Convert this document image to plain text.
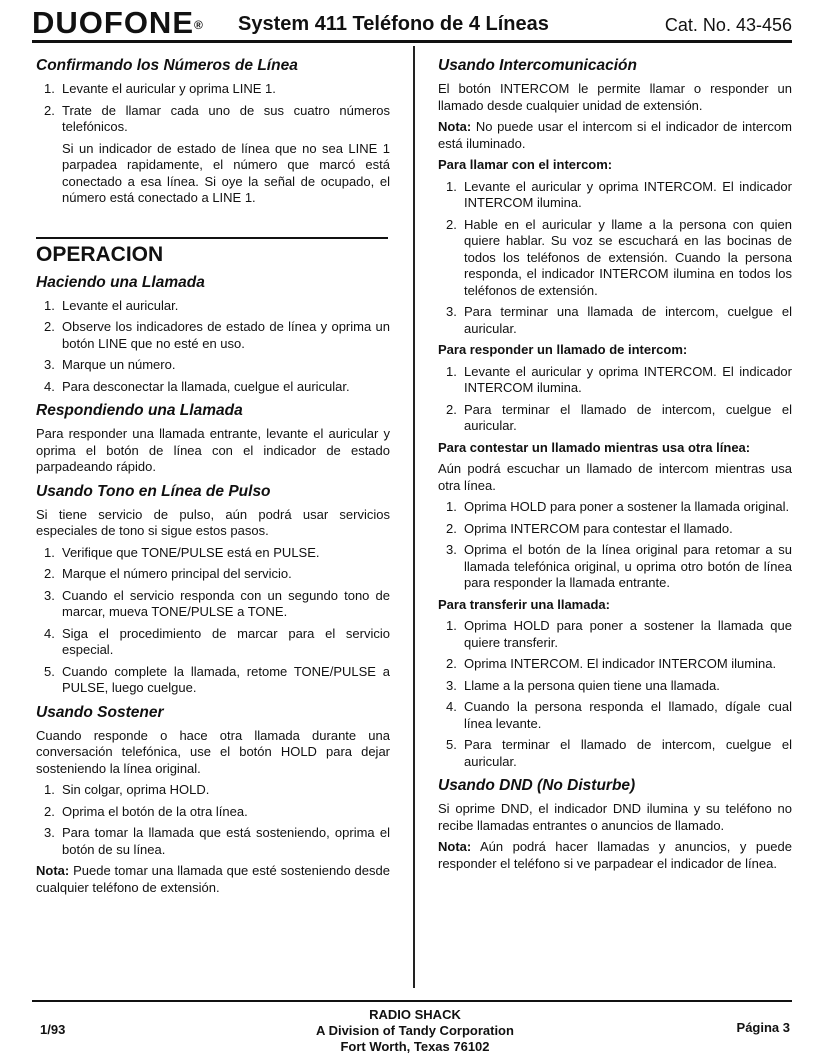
DUOFONE® System 411 Teléfono de 4 Líneas	Cat. No. 43-456
Confirmando los Números de Línea
1. Levante el auricular y oprima LINE 1.
2. Trate de llamar cada uno de sus cuatro números telefónicos.
Si un indicador de estado de línea que no sea LINE 1 parpadea rapidamente, el número que marcó está conectado a esa línea. Si oye la señal de ocupado, el número está conectado a LINE 1.
OPERACION
Haciendo una Llamada
1. Levante el auricular.
2. Observe los indicadores de estado de línea y oprima un botón LINE que no esté en uso.
3. Marque un número.
4. Para desconectar la llamada, cuelgue el auricular.
Respondiendo una Llamada
Para responder una llamada entrante, levante el auricular y oprima el botón de línea con el indicador de estado parpadeando rápido.
Usando Tono en Línea de Pulso
Si tiene servicio de pulso, aún podrá usar servicios especiales de tono si sigue estos pasos.
1. Verifique que TONE/PULSE está en PULSE.
2. Marque el número principal del servicio.
3. Cuando el servicio responda con un segundo tono de marcar, mueva TONE/PULSE a TONE.
4. Siga el procedimiento de marcar para el servicio especial.
5. Cuando complete la llamada, retome TONE/PULSE a PULSE, luego cuelgue.
Usando Sostener
Cuando responde o hace otra llamada durante una conversación telefónica, use el botón HOLD para dejar sosteniendo la línea original.
1. Sin colgar, oprima HOLD.
2. Oprima el botón de la otra línea.
3. Para tomar la llamada que está sosteniendo, oprima el botón de su línea.
Nota: Puede tomar una llamada que esté sosteniendo desde cualquier teléfono de extensión.
Usando Intercomunicación
El botón INTERCOM le permite llamar o responder un llamado desde cualquier unidad de extensión.
Nota: No puede usar el intercom si el indicador de intercom está iluminado.
Para llamar con el intercom:
1. Levante el auricular y oprima INTERCOM. El indicador INTERCOM ilumina.
2. Hable en el auricular y llame a la persona con quien quiere hablar. Su voz se escuchará en las bocinas de todos los teléfonos de extensión. Cuando la persona responda, el indicador INTERCOM ilumina en todos los teléfonos de extensión.
3. Para terminar una llamada de intercom, cuelgue el auricular.
Para responder un llamado de intercom:
1. Levante el auricular y oprima INTERCOM. El indicador INTERCOM ilumina.
2. Para terminar el llamado de intercom, cuelgue el auricular.
Para contestar un llamado mientras usa otra línea:
Aún podrá escuchar un llamado de intercom mientras usa otra línea.
1. Oprima HOLD para poner a sostener la llamada original.
2. Oprima INTERCOM para contestar el llamado.
3. Oprima el botón de la línea original para retomar a su llamada telefónica original, u oprima otro botón de línea para responder la llamada entrante.
Para transferir una llamada:
1. Oprima HOLD para poner a sostener la llamada que quiere transferir.
2. Oprima INTERCOM. El indicador INTERCOM ilumina.
3. Llame a la persona quien tiene una llamada.
4. Cuando la persona responda el llamado, dígale cual línea levante.
5. Para terminar el llamado de intercom, cuelgue el auricular.
Usando DND (No Disturbe)
Si oprime DND, el indicador DND ilumina y su teléfono no recibe llamadas entrantes o anuncios de llamado.
Nota: Aún podrá hacer llamadas y anuncios, y puede responder el teléfono si ve parpadear el indicador de línea.
1/93
RADIO SHACK
A Division of Tandy Corporation
Fort Worth, Texas 76102
Página 3
